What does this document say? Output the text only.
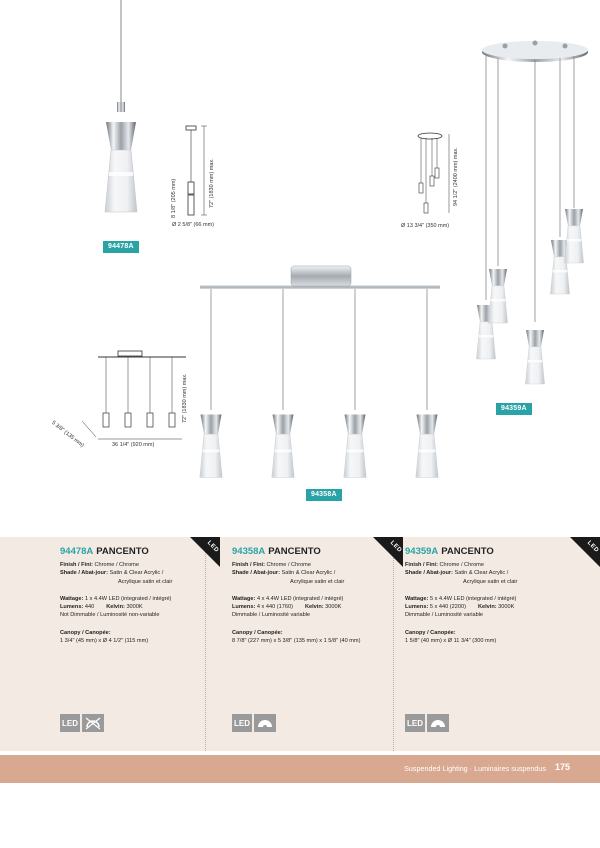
72" (1830 mm) max.
8 1/8" (205 mm)
Ø 2 5/8" (66 mm)
94478A
94 1/2" (2400 mm) max.
Ø 13 3/4" (350 mm)
94359A
72" (1830 mm) max.
5 3/8" (135 mm)	36 1/4" (920 mm)
94358A
94478A PANCENTO
Finish / Fini: Chrome / Chrome
Shade / Abat-jour: Satin & Clear Acrylic /
Acrylique satin et clair
Wattage: 1 x 4.4W LED (integrated / intégré)
Lumens: 440 Kelvin: 3000K
Not Dimmable / Luminosité non-variable
Canopy / Canopée:
1 3/4" (45 mm) x Ø 4 1/2" (115 mm)
LED
LED
94358A PANCENTO
Finish / Fini: Chrome / Chrome
Shade / Abat-jour: Satin & Clear Acrylic /
Acrylique satin et clair
Wattage: 4 x 4.4W LED (integrated / intégré)
Lumens: 4 x 440 (1760) Kelvin: 3000K
Dimmable / Luminosité variable
Canopy / Canopée:
8 7/8" (227 mm) x 5 3/8" (135 mm) x 1 5/8" (40 mm)
LED
LED
94359A PANCENTO
Finish / Fini: Chrome / Chrome
Shade / Abat-jour: Satin & Clear Acrylic /
Acrylique satin et clair
Wattage: 5 x 4.4W LED (integrated / intégré)
Lumens: 5 x 440 (2200) Kelvin: 3000K
Dimmable / Luminosité variable
Canopy / Canopée:
1 5/8" (40 mm) x Ø 11 3/4" (300 mm)
LED
LED
Suspended Lighting · Luminaires suspendus 175
